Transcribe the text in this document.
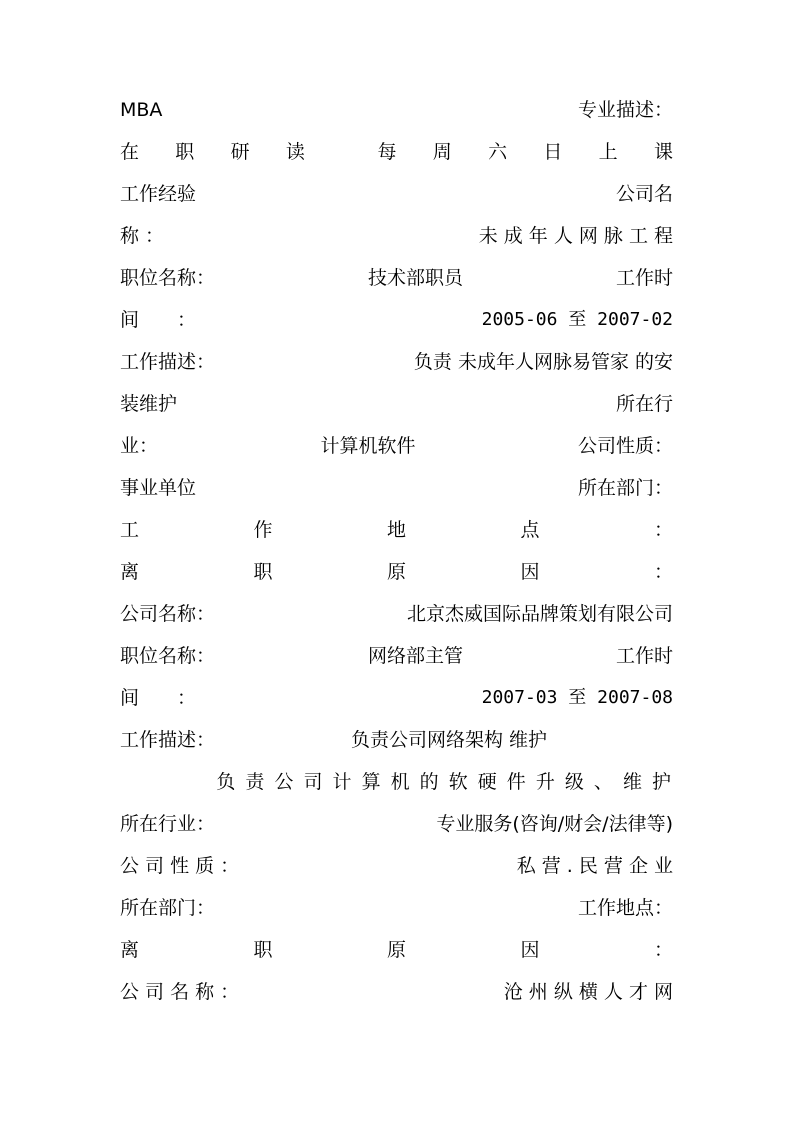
MBA	专业描述：
在 职 研 读	每 周 六 日 上 课
工作经验	公司名
称 ：	未 成 年 人 网 脉 工 程
职位名称：	技术部职员	工作时
间　　：	2005-06 至 2007-02
工作描述：	负责 未成年人网脉易管家 的安
装维护	所在行
业：	计算机软件	公司性质：
事业单位	所在部门：
工	作	地	点	：
离	职	原	因	：
公司名称：	北京杰威国际品牌策划有限公司
职位名称：	网络部主管	工作时
间　　：	2007-03 至 2007-08
工作描述：	负责公司网络架构 维护
负 责 公 司 计 算 机 的 软 硬 件 升 级 、 维 护
所在行业：	专业服务(咨询/财会/法律等)
公 司 性 质 ：	私 营 . 民 营 企 业
所在部门：	工作地点：
离	职	原	因	：
公 司 名 称 ：	沧 州 纵 横 人 才 网
